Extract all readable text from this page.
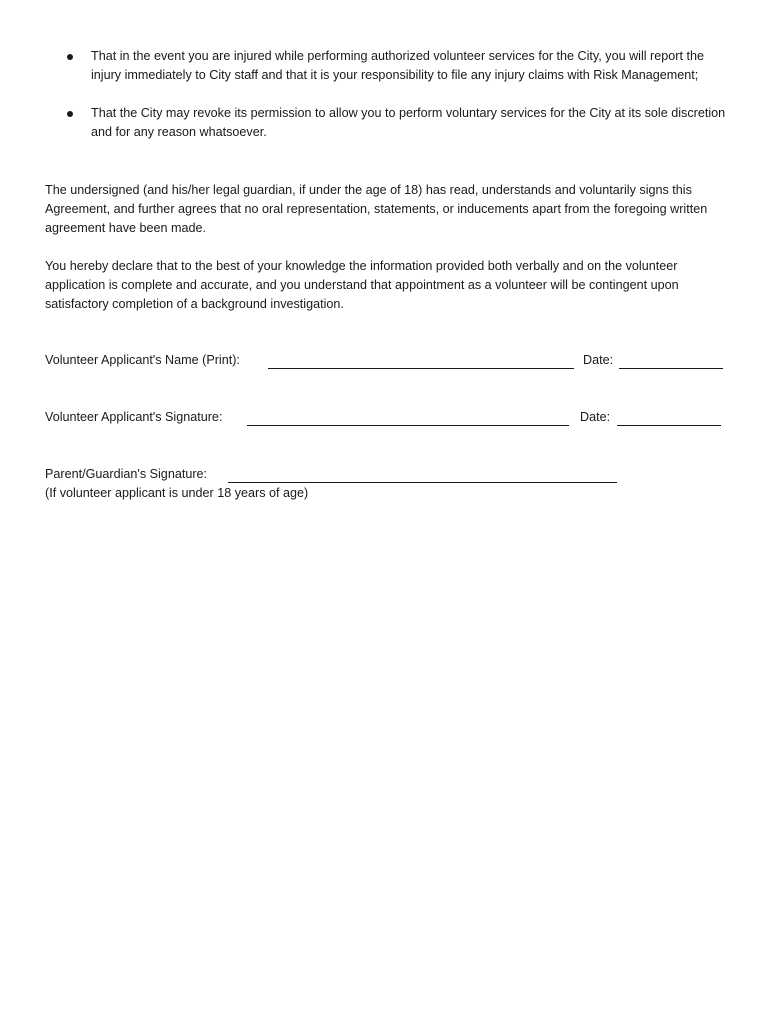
That in the event you are injured while performing authorized volunteer services for the City, you will report the injury immediately to City staff and that it is your responsibility to file any injury claims with Risk Management;
That the City may revoke its permission to allow you to perform voluntary services for the City at its sole discretion and for any reason whatsoever.

The undersigned (and his/her legal guardian, if under the age of 18) has read, understands and voluntarily signs this Agreement, and further agrees that no oral representation, statements, or inducements apart from the foregoing written agreement have been made.

You hereby declare that to the best of your knowledge the information provided both verbally and on the volunteer application is complete and accurate, and you understand that appointment as a volunteer will be contingent upon satisfactory completion of a background investigation.

Volunteer Applicant's Name (Print):	Date:
Volunteer Applicant's Signature:	Date:
Parent/Guardian's Signature:
(If volunteer applicant is under 18 years of age)
